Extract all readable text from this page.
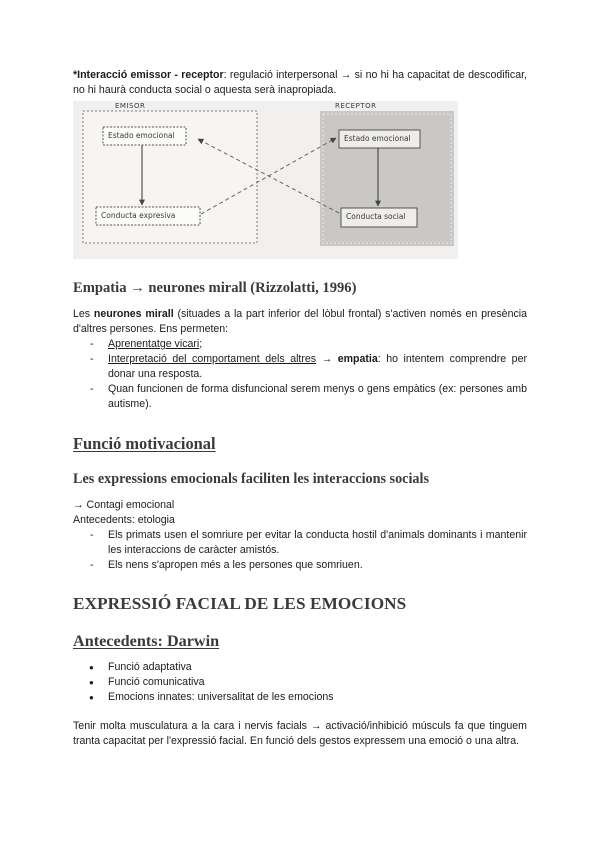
*Interacció emissor - receptor: regulació interpersonal → si no hi ha capacitat de descodificar, no hi haurà conducta social o aquesta serà inapropiada.

EMISOR	RECEPTOR
Estado emocional
Conducta expresiva
Estado emocional
Conducta social
Empatia → neurones mirall (Rizzolatti, 1996)

Les neurones mirall (situades a la part inferior del lòbul frontal) s'activen només en presència d'altres persones. Ens permeten:

- Aprenentatge vicari;
- Interpretació del comportament dels altres → empatia: ho intentem comprendre per donar una resposta.
- Quan funcionen de forma disfuncional serem menys o gens empàtics (ex: persones amb autisme).
Funció motivacional
Les expressions emocionals faciliten les interaccions socials

→ Contagi emocional

Antecedents: etologia

- Els primats usen el somriure per evitar la conducta hostil d'animals dominants i mantenir les interaccions de caràcter amistós.
- Els nens s'apropen més a les persones que somriuen.
EXPRESSIÓ FACIAL DE LES EMOCIONS
Antecedents: Darwin
● Funció adaptativa
● Funció comunicativa
● Emocions innates: universalitat de les emocions

Tenir molta musculatura a la cara i nervis facials → activació/inhibició músculs fa que tinguem tranta capacitat per l'expressió facial. En funció dels gestos expressem una emoció o una altra.
